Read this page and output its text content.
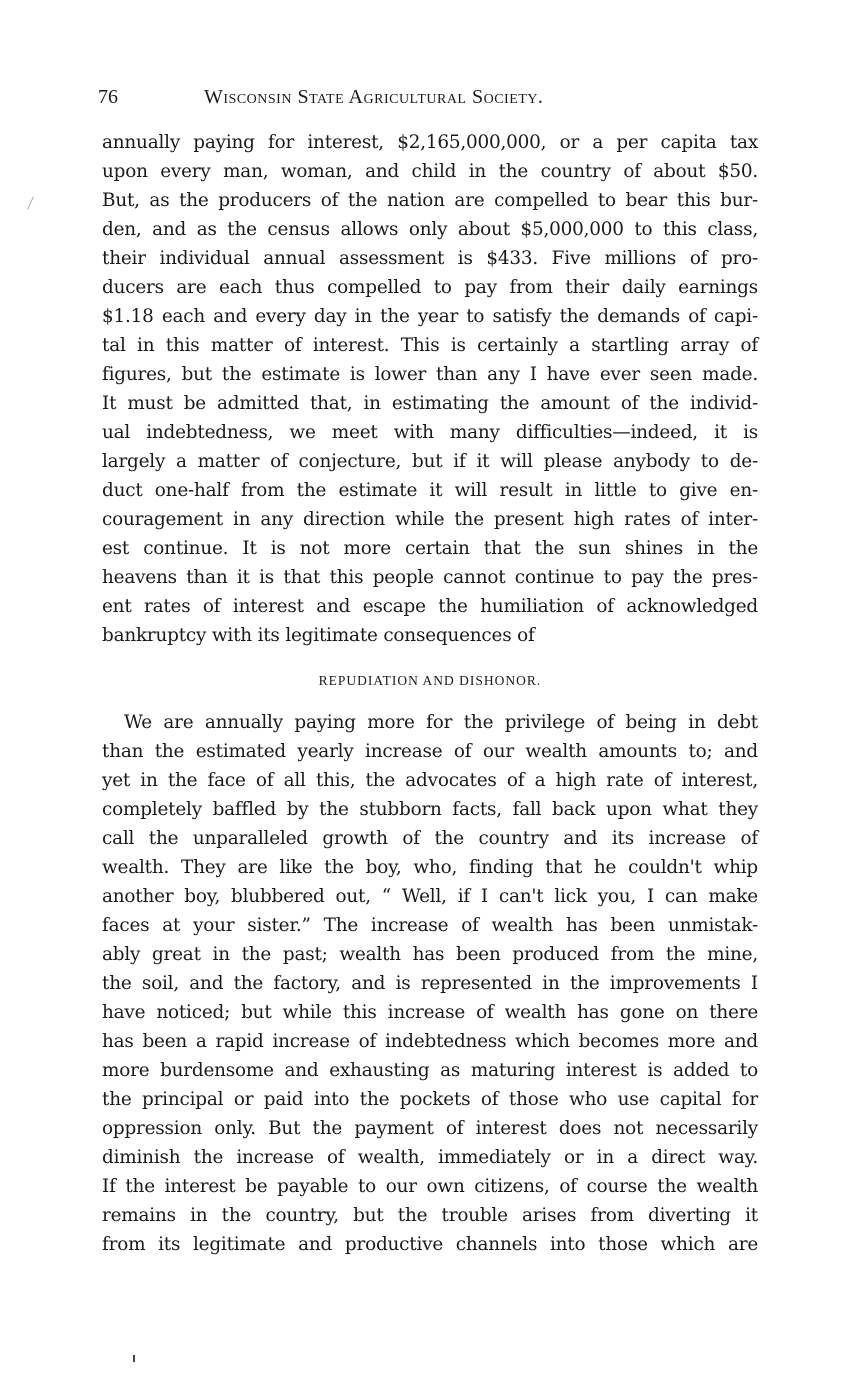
76	Wisconsin State Agricultural Society.
annually paying for interest, $2,165,000,000, or a per capita tax
upon every man, woman, and child in the country of about $50.
But, as the producers of the nation are compelled to bear this bur-
den, and as the census allows only about $5,000,000 to this class,
their individual annual assessment is $433. Five millions of pro-
ducers are each thus compelled to pay from their daily earnings
$1.18 each and every day in the year to satisfy the demands of capi-
tal in this matter of interest. This is certainly a startling array of
figures, but the estimate is lower than any I have ever seen made.
It must be admitted that, in estimating the amount of the individ-
ual indebtedness, we meet with many difficulties—indeed, it is
largely a matter of conjecture, but if it will please anybody to de-
duct one-half from the estimate it will result in little to give en-
couragement in any direction while the present high rates of inter-
est continue. It is not more certain that the sun shines in the
heavens than it is that this people cannot continue to pay the pres-
ent rates of interest and escape the humiliation of acknowledged
bankruptcy with its legitimate consequences of
REPUDIATION AND DISHONOR.
We are annually paying more for the privilege of being in debt
than the estimated yearly increase of our wealth amounts to; and
yet in the face of all this, the advocates of a high rate of interest,
completely baffled by the stubborn facts, fall back upon what they
call the unparalleled growth of the country and its increase of
wealth. They are like the boy, who, finding that he couldn't whip
another boy, blubbered out, “ Well, if I can't lick you, I can make
faces at your sister.” The increase of wealth has been unmistak-
ably great in the past; wealth has been produced from the mine,
the soil, and the factory, and is represented in the improvements I
have noticed; but while this increase of wealth has gone on there
has been a rapid increase of indebtedness which becomes more and
more burdensome and exhausting as maturing interest is added to
the principal or paid into the pockets of those who use capital for
oppression only. But the payment of interest does not necessarily
diminish the increase of wealth, immediately or in a direct way.
If the interest be payable to our own citizens, of course the wealth
remains in the country, but the trouble arises from diverting it
from its legitimate and productive channels into those which are
